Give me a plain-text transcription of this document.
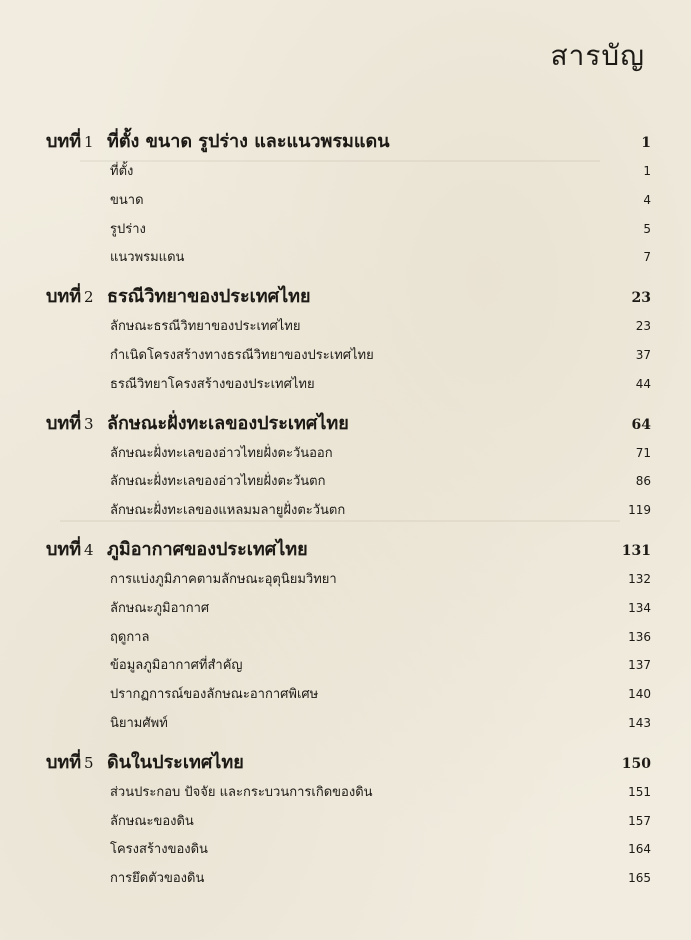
สารบัญ
บทที่ 1 ที่ตั้ง ขนาด รูปร่าง และแนวพรมแดน	1
ที่ตั้ง	1
ขนาด	4
รูปร่าง	5
แนวพรมแดน	7
บทที่ 2 ธรณีวิทยาของประเทศไทย	23
ลักษณะธรณีวิทยาของประเทศไทย	23
กำเนิดโครงสร้างทางธรณีวิทยาของประเทศไทย	37
ธรณีวิทยาโครงสร้างของประเทศไทย	44
บทที่ 3 ลักษณะฝั่งทะเลของประเทศไทย	64
ลักษณะฝั่งทะเลของอ่าวไทยฝั่งตะวันออก	71
ลักษณะฝั่งทะเลของอ่าวไทยฝั่งตะวันตก	86
ลักษณะฝั่งทะเลของแหลมมลายูฝั่งตะวันตก	119
บทที่ 4 ภูมิอากาศของประเทศไทย	131
การแบ่งภูมิภาคตามลักษณะอุตุนิยมวิทยา	132
ลักษณะภูมิอากาศ	134
ฤดูกาล	136
ข้อมูลภูมิอากาศที่สำคัญ	137
ปรากฏการณ์ของลักษณะอากาศพิเศษ	140
นิยามศัพท์	143
บทที่ 5 ดินในประเทศไทย	150
ส่วนประกอบ ปัจจัย และกระบวนการเกิดของดิน	151
ลักษณะของดิน	157
โครงสร้างของดิน	164
การยึดตัวของดิน	165
